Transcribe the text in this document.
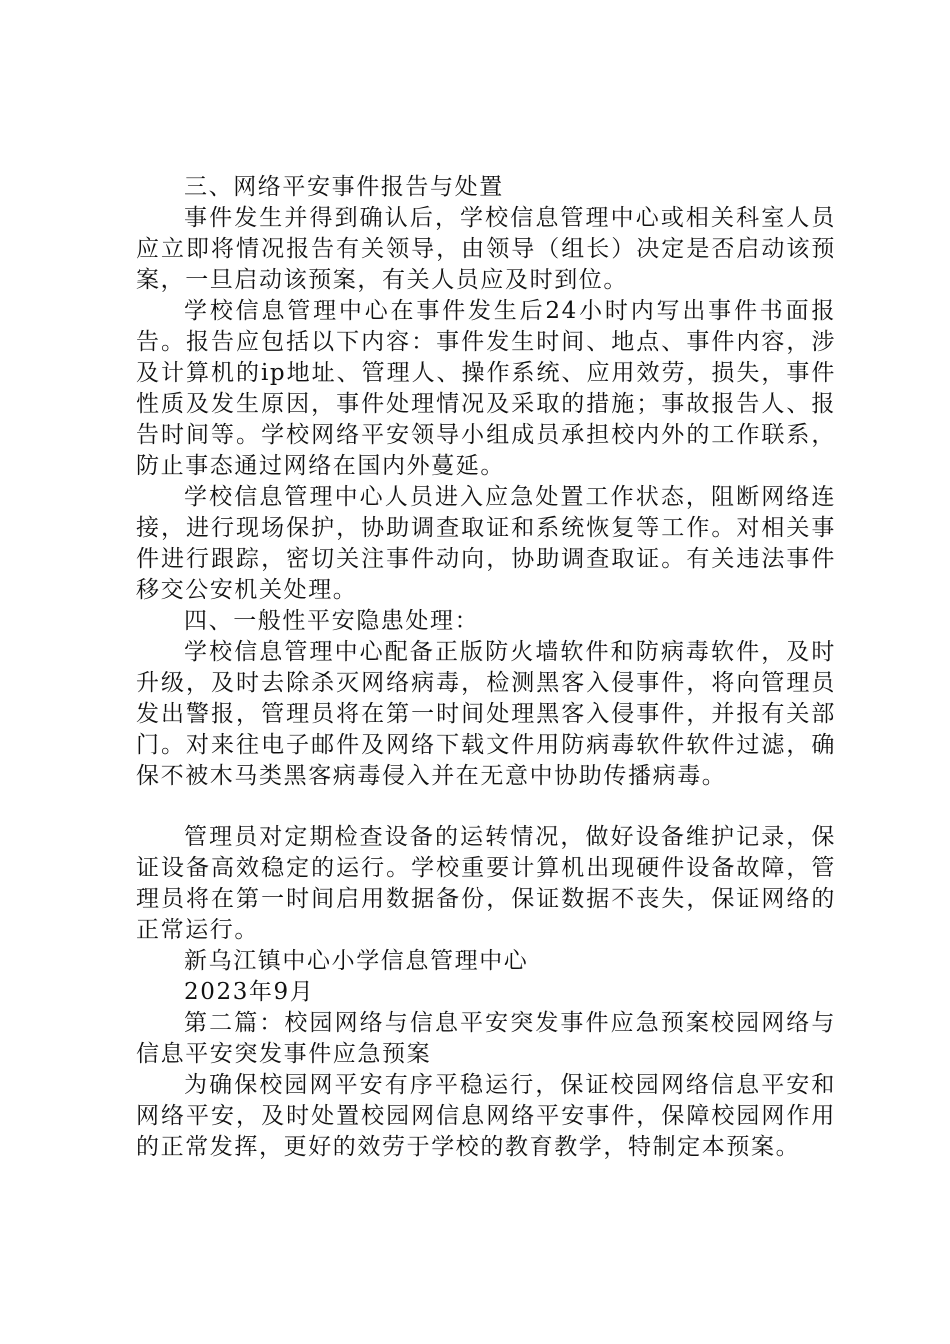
三、网络平安事件报告与处置

事件发生并得到确认后，学校信息管理中心或相关科室人员应立即将情况报告有关领导，由领导（组长）决定是否启动该预案，一旦启动该预案，有关人员应及时到位。

学校信息管理中心在事件发生后24小时内写出事件书面报告。报告应包括以下内容：事件发生时间、地点、事件内容，涉及计算机的ip地址、管理人、操作系统、应用效劳，损失，事件性质及发生原因，事件处理情况及采取的措施；事故报告人、报告时间等。学校网络平安领导小组成员承担校内外的工作联系，防止事态通过网络在国内外蔓延。

学校信息管理中心人员进入应急处置工作状态，阻断网络连接，进行现场保护，协助调查取证和系统恢复等工作。对相关事件进行跟踪，密切关注事件动向，协助调查取证。有关违法事件移交公安机关处理。

四、一般性平安隐患处理：

学校信息管理中心配备正版防火墙软件和防病毒软件，及时升级，及时去除杀灭网络病毒，检测黑客入侵事件，将向管理员发出警报，管理员将在第一时间处理黑客入侵事件，并报有关部门。对来往电子邮件及网络下载文件用防病毒软件软件过滤，确保不被木马类黑客病毒侵入并在无意中协助传播病毒。

管理员对定期检查设备的运转情况，做好设备维护记录，保证设备高效稳定的运行。学校重要计算机出现硬件设备故障，管理员将在第一时间启用数据备份，保证数据不丧失，保证网络的正常运行。

新乌江镇中心小学信息管理中心

2023年9月

第二篇：校园网络与信息平安突发事件应急预案校园网络与信息平安突发事件应急预案

为确保校园网平安有序平稳运行，保证校园网络信息平安和网络平安，及时处置校园网信息网络平安事件，保障校园网作用的正常发挥，更好的效劳于学校的教育教学，特制定本预案。
